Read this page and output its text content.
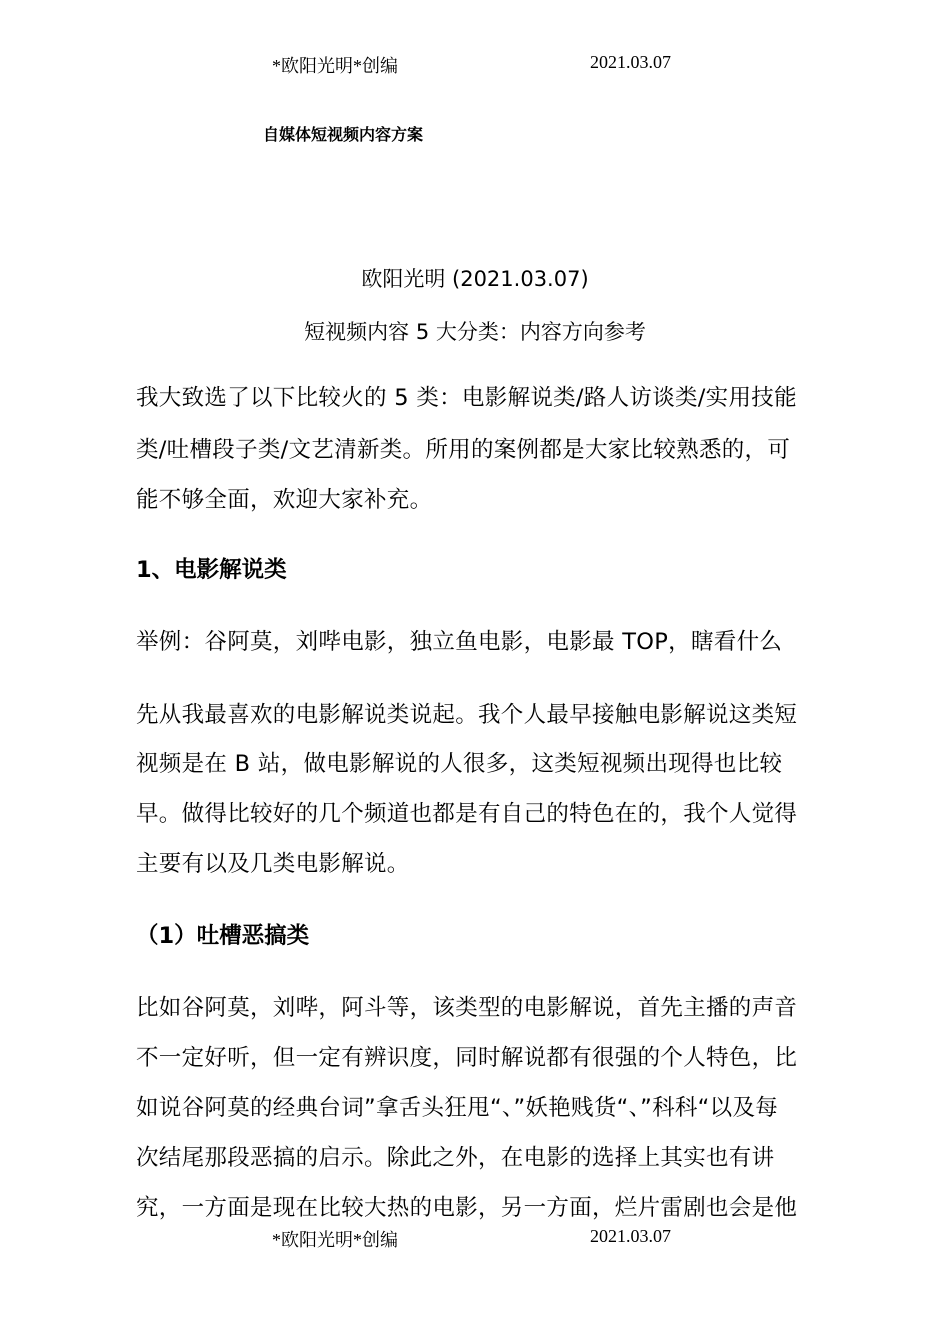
*欧阳光明*创编	2021.03.07
自媒体短视频内容方案
欧阳光明 (2021.03.07)
短视频内容 5 大分类：内容方向参考
我大致选了以下比较火的 5 类：电影解说类/路人访谈类/实用技能
类/吐槽段子类/文艺清新类。所用的案例都是大家比较熟悉的，可
能不够全面，欢迎大家补充。
1、电影解说类
举例：谷阿莫，刘哔电影，独立鱼电影，电影最 TOP，瞎看什么
先从我最喜欢的电影解说类说起。我个人最早接触电影解说这类短
视频是在 B 站，做电影解说的人很多，这类短视频出现得也比较
早。做得比较好的几个频道也都是有自己的特色在的，我个人觉得
主要有以及几类电影解说。
（1）吐槽恶搞类
比如谷阿莫，刘哔，阿斗等，该类型的电影解说，首先主播的声音
不一定好听，但一定有辨识度，同时解说都有很强的个人特色，比
如说谷阿莫的经典台词”拿舌头狂甩“、”妖艳贱货“、”科科“以及每
次结尾那段恶搞的启示。除此之外，在电影的选择上其实也有讲
究，一方面是现在比较大热的电影，另一方面，烂片雷剧也会是他
*欧阳光明*创编	2021.03.07
